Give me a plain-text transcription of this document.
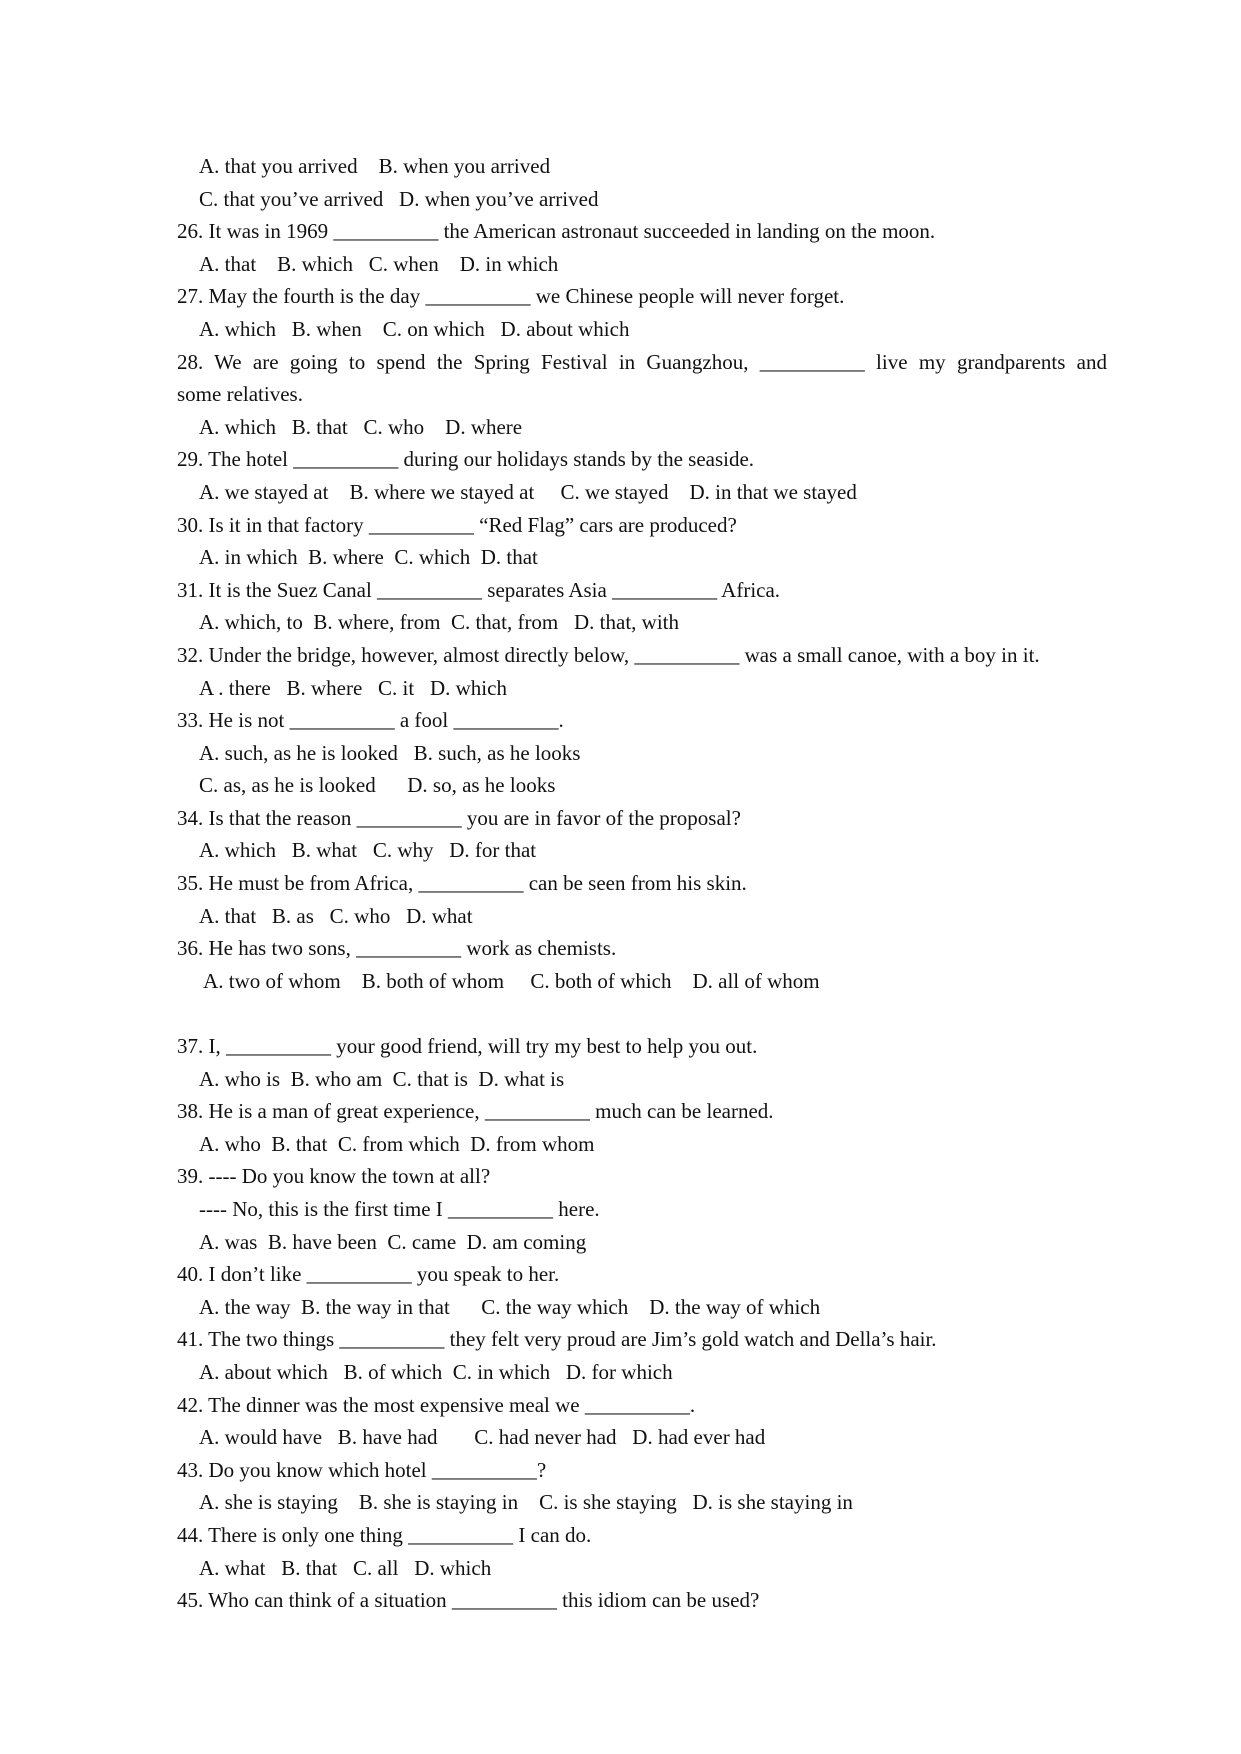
A. that you arrived    B. when you arrived
C. that you’ve arrived   D. when you’ve arrived
26. It was in 1969 __________ the American astronaut succeeded in landing on the moon.
A. that    B. which   C. when    D. in which
27. May the fourth is the day __________ we Chinese people will never forget.
A. which   B. when    C. on which   D. about which
28. We are going to spend the Spring Festival in Guangzhou, __________ live my grandparents and
some relatives.
A. which   B. that   C. who    D. where
29. The hotel __________ during our holidays stands by the seaside.
A. we stayed at    B. where we stayed at     C. we stayed    D. in that we stayed
30. Is it in that factory __________ “Red Flag” cars are produced?
A. in which  B. where  C. which  D. that
31. It is the Suez Canal __________ separates Asia __________ Africa.
A. which, to  B. where, from  C. that, from   D. that, with
32. Under the bridge, however, almost directly below, __________ was a small canoe, with a boy in it.
A . there   B. where   C. it   D. which
33. He is not __________ a fool __________.
A. such, as he is looked   B. such, as he looks
C. as, as he is looked      D. so, as he looks
34. Is that the reason __________ you are in favor of the proposal?
A. which   B. what   C. why   D. for that
35. He must be from Africa, __________ can be seen from his skin.
A. that   B. as   C. who   D. what
36. He has two sons, __________ work as chemists.
A. two of whom    B. both of whom     C. both of which    D. all of whom
37. I, __________ your good friend, will try my best to help you out.
A. who is  B. who am  C. that is  D. what is
38. He is a man of great experience, __________ much can be learned.
A. who  B. that  C. from which  D. from whom
39. ---- Do you know the town at all?
---- No, this is the first time I __________ here.
A. was  B. have been  C. came  D. am coming
40. I don’t like __________ you speak to her.
A. the way  B. the way in that      C. the way which    D. the way of which
41. The two things __________ they felt very proud are Jim’s gold watch and Della’s hair.
A. about which   B. of which  C. in which   D. for which
42. The dinner was the most expensive meal we __________.
A. would have   B. have had       C. had never had   D. had ever had
43. Do you know which hotel __________?
A. she is staying    B. she is staying in    C. is she staying   D. is she staying in
44. There is only one thing __________ I can do.
A. what   B. that   C. all   D. which
45. Who can think of a situation __________ this idiom can be used?
